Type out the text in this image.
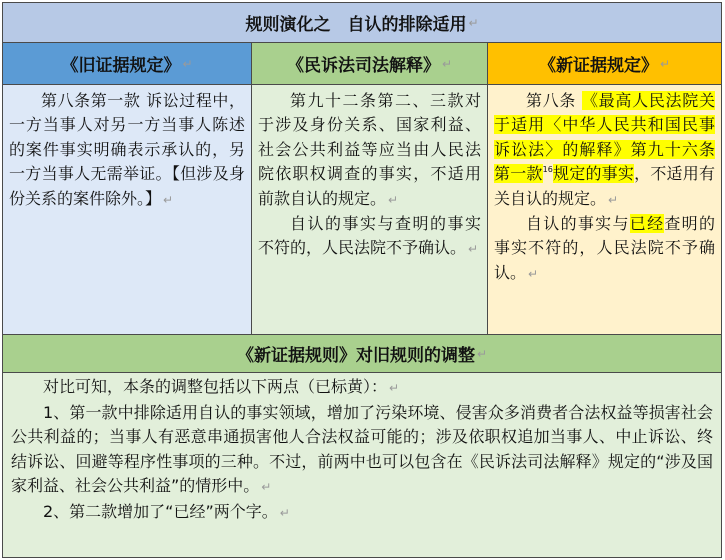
规则演化之　自认的排除适用 ↵
《旧证据规定》 ↵	《民诉法司法解释》 ↵	《新证据规定》 ↵

第八条第一款 诉讼过程中，一方当事人对另一方当事人陈述的案件事实明确表示承认的，另一方当事人无需举证。【但涉及身份关系的案件除外。】 ↵

第九十二条第二、三款对于涉及身份关系、国家利益、社会公共利益等应当由人民法院依职权调查的事实，不适用前款自认的规定。 ↵

自认的事实与查明的事实不符的，人民法院不予确认。 ↵

第八条 《最高人民法院关于适用〈中华人民共和国民事诉讼法〉的解释》第九十六条第一款$^{16}$规定的事实，不适用有关自认的规定。 ↵

自认的事实与已经查明的事实不符的，人民法院不予确认。 ↵

《新证据规则》对旧规则的调整 ↵

对比可知，本条的调整包括以下两点（已标黄）： ↵

1、第一款中排除适用自认的事实领域，增加了污染环境、侵害众多消费者合法权益等损害社会公共利益的；当事人有恶意串通损害他人合法权益可能的；涉及依职权追加当事人、中止诉讼、终结诉讼、回避等程序性事项的三种。不过，前两中也可以包含在《民诉法司法解释》规定的“涉及国家利益、社会公共利益”的情形中。 ↵

2、第二款增加了“已经”两个字。 ↵
